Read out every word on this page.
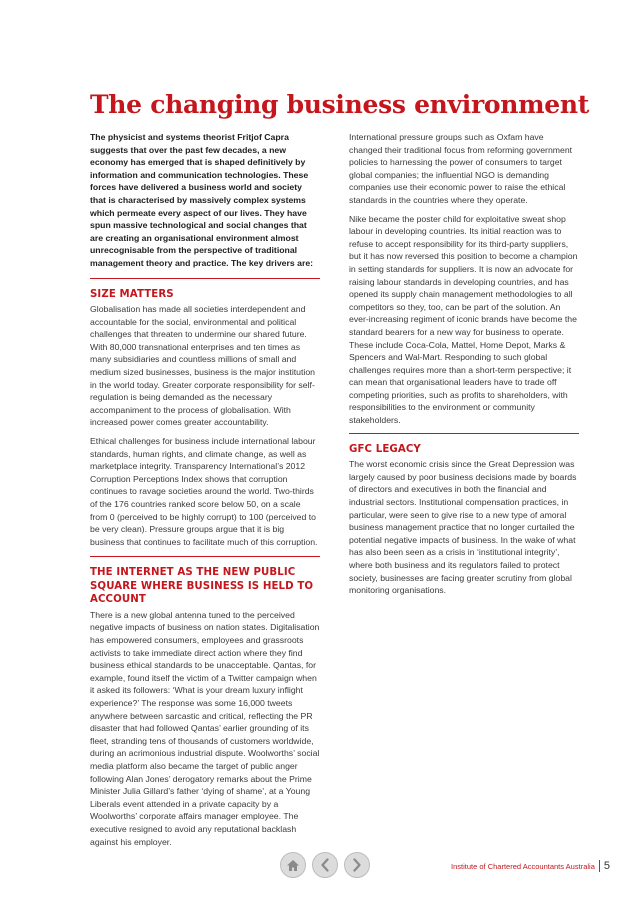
The changing business environment

The physicist and systems theorist Fritjof Capra suggests that over the past few decades, a new economy has emerged that is shaped definitively by information and communication technologies. These forces have delivered a business world and society that is characterised by massively complex systems which permeate every aspect of our lives. They have spun massive technological and social changes that are creating an organisational environment almost unrecognisable from the perspective of traditional management theory and practice. The key drivers are:

SIZE MATTERS

Globalisation has made all societies interdependent and accountable for the social, environmental and political challenges that threaten to undermine our shared future. With 80,000 transnational enterprises and ten times as many subsidiaries and countless millions of small and medium sized businesses, business is the major institution in the world today. Greater corporate responsibility for self-regulation is being demanded as the necessary accompaniment to the process of globalisation. With increased power comes greater accountability.

Ethical challenges for business include international labour standards, human rights, and climate change, as well as marketplace integrity. Transparency International’s 2012 Corruption Perceptions Index shows that corruption continues to ravage societies around the world. Two-thirds of the 176 countries ranked score below 50, on a scale from 0 (perceived to be highly corrupt) to 100 (perceived to be very clean). Pressure groups argue that it is big business that continues to facilitate much of this corruption.

THE INTERNET AS THE NEW PUBLIC SQUARE WHERE BUSINESS IS HELD TO ACCOUNT

There is a new global antenna tuned to the perceived negative impacts of business on nation states. Digitalisation has empowered consumers, employees and grassroots activists to take immediate direct action where they find business ethical standards to be unacceptable. Qantas, for example, found itself the victim of a Twitter campaign when it asked its followers: ‘What is your dream luxury inflight experience?’ The response was some 16,000 tweets anywhere between sarcastic and critical, reflecting the PR disaster that had followed Qantas’ earlier grounding of its fleet, stranding tens of thousands of customers worldwide, during an acrimonious industrial dispute. Woolworths’ social media platform also became the target of public anger following Alan Jones’ derogatory remarks about the Prime Minister Julia Gillard’s father ‘dying of shame’, at a Young Liberals event attended in a private capacity by a Woolworths’ corporate affairs manager employee. The executive resigned to avoid any reputational backlash against his employer.

International pressure groups such as Oxfam have changed their traditional focus from reforming government policies to harnessing the power of consumers to target global companies; the influential NGO is demanding companies use their economic power to raise the ethical standards in the countries where they operate.

Nike became the poster child for exploitative sweat shop labour in developing countries. Its initial reaction was to refuse to accept responsibility for its third-party suppliers, but it has now reversed this position to become a champion in setting standards for suppliers. It is now an advocate for raising labour standards in developing countries, and has opened its supply chain management methodologies to all competitors so they, too, can be part of the solution. An ever-increasing regiment of iconic brands have become the standard bearers for a new way for business to operate. These include Coca-Cola, Mattel, Home Depot, Marks & Spencers and Wal-Mart. Responding to such global challenges requires more than a short-term perspective; it can mean that organisational leaders have to trade off competing priorities, such as profits to shareholders, with responsibilities to the environment or community stakeholders.

GFC LEGACY

The worst economic crisis since the Great Depression was largely caused by poor business decisions made by boards of directors and executives in both the financial and industrial sectors. Institutional compensation practices, in particular, were seen to give rise to a new type of amoral business management practice that no longer curtailed the potential negative impacts of business. In the wake of what has also been seen as a crisis in ‘institutional integrity’, where both business and its regulators failed to protect society, businesses are facing greater scrutiny from global monitoring organisations.

Institute of Chartered Accountants Australia 5
